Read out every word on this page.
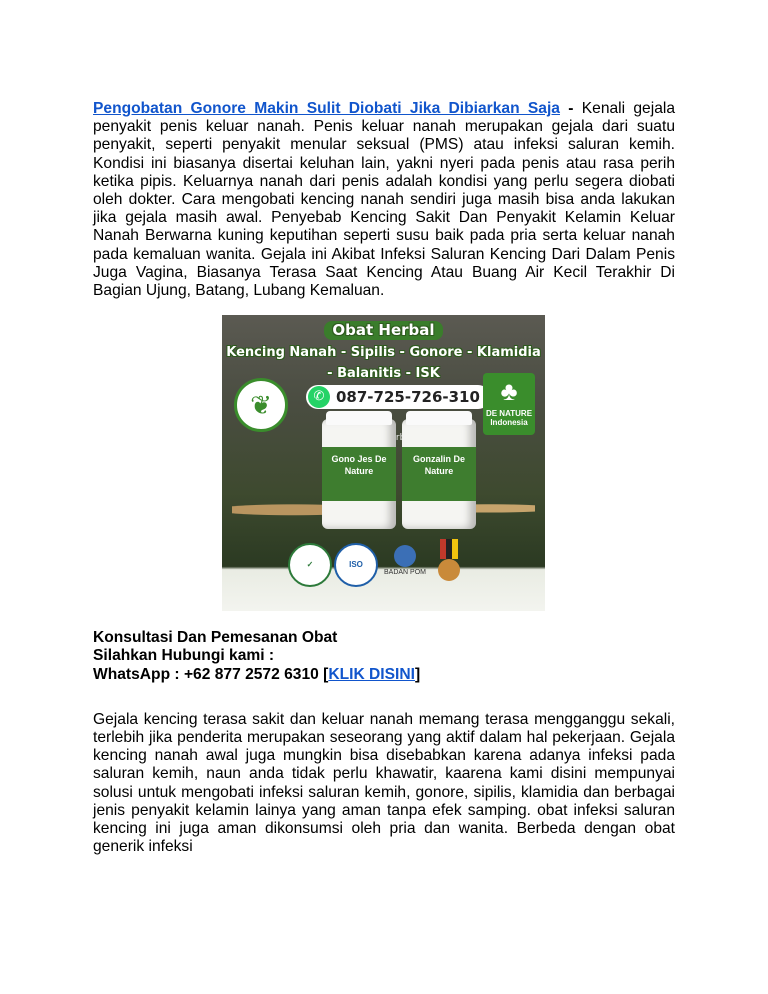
Pengobatan Gonore Makin Sulit Diobati Jika Dibiarkan Saja - Kenali gejala penyakit penis keluar nanah. Penis keluar nanah merupakan gejala dari suatu penyakit, seperti penyakit menular seksual (PMS) atau infeksi saluran kemih. Kondisi ini biasanya disertai keluhan lain, yakni nyeri pada penis atau rasa perih ketika pipis. Keluarnya nanah dari penis adalah kondisi yang perlu segera diobati oleh dokter. Cara mengobati kencing nanah sendiri juga masih bisa anda lakukan jika gejala masih awal. Penyebab Kencing Sakit Dan Penyakit Kelamin Keluar Nanah Berwarna kuning keputihan seperti susu baik pada pria serta keluar nanah pada kemaluan wanita. Gejala ini Akibat Infeksi Saluran Kencing Dari Dalam Penis Juga Vagina, Biasanya Terasa Saat Kencing Atau Buang Air Kecil Terakhir Di Bagian Ujung, Batang, Lubang Kemaluan.

Obat Herbal
Kencing Nanah - Sipilis - Gonore - Klamidia
- Balanitis - ISK
❦	✆ 087-725-726-310 ♣
DE NATURE
Indonesia
Gono Jes De Nature
Gonzalin De Nature
✓	ISO
BADAN POM

Konsultasi Dan Pemesanan Obat

Silahkan Hubungi kami :

WhatsApp : +62 877 2572 6310 [KLIK DISINI]

Gejala kencing terasa sakit dan keluar nanah memang terasa mengganggu sekali, terlebih jika penderita merupakan seseorang yang aktif dalam hal pekerjaan. Gejala kencing nanah awal juga mungkin bisa disebabkan karena adanya infeksi pada saluran kemih, naun anda tidak perlu khawatir, kaarena kami disini mempunyai solusi untuk mengobati infeksi saluran kemih, gonore, sipilis, klamidia dan berbagai jenis penyakit kelamin lainya yang aman tanpa efek samping. obat infeksi saluran kencing ini juga aman dikonsumsi oleh pria dan wanita. Berbeda dengan obat generik infeksi
